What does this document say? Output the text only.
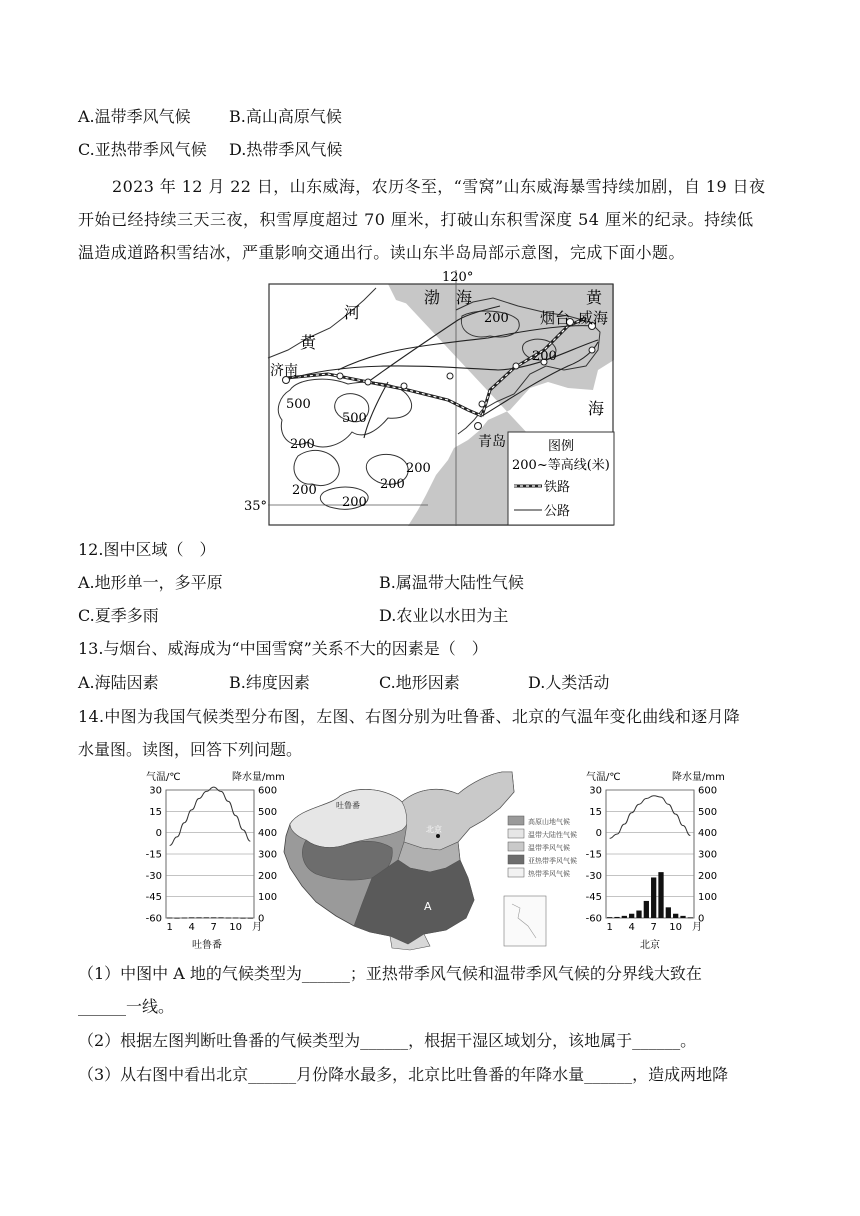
A.温带季风气候 B.高山高原气候
C.亚热带季风气候 D.热带季风气候
2023 年 12 月 22 日，山东威海，农历冬至，“雪窝”山东威海暴雪持续加剧，自 19 日夜
开始已经持续三天三夜，积雪厚度超过 70 厘米，打破山东积雪深度 54 厘米的纪录。持续低
温造成道路积雪结冰，严重影响交通出行。读山东半岛局部示意图，完成下面小题。
120°
35°
渤 海	黄
海
河
黄
济南
烟台 威海
青岛
200
200
500
500
200
200
200	200
200
图例
200~等高线(米)
铁路
公路
12.图中区域（　）
A.地形单一，多平原	B.属温带大陆性气候
C.夏季多雨	D.农业以水田为主
13.与烟台、威海成为“中国雪窝”关系不大的因素是（　）
A.海陆因素	B.纬度因素	C.地形因素	D.人类活动
14.中图为我国气候类型分布图，左图、右图分别为吐鲁番、北京的气温年变化曲线和逐月降
水量图。读图，回答下列问题。
气温/℃	降水量/mm
30	600
15	500
0	400
-15	300
-30	200
-45	100
-60	0
1 4 7 10 月
吐鲁番
北京
吐鲁番
A
高原山地气候
温带大陆性气候
温带季风气候
亚热带季风气候
热带季风气候
气温/℃	降水量/mm
30	600
15	500
0	400
-15	300
-30	200
-45	100
-60	0
1 4 7 10 月
北京
（1）中图中 A 地的气候类型为______；亚热带季风气候和温带季风气候的分界线大致在
______一线。
（2）根据左图判断吐鲁番的气候类型为______，根据干湿区域划分，该地属于______。
（3）从右图中看出北京______月份降水最多，北京比吐鲁番的年降水量______，造成两地降
